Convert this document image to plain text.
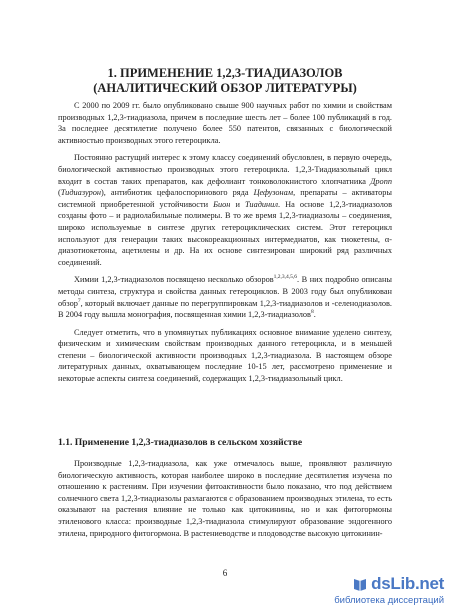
1. ПРИМЕНЕНИЕ 1,2,3-ТИАДИАЗОЛОВ
(АНАЛИТИЧЕСКИЙ ОБЗОР ЛИТЕРАТУРЫ)

С 2000 по 2009 гг. было опубликовано свыше 900 научных работ по химии и свойствам производных 1,2,3-тиадиазола, причем в последние шесть лет – более 100 публикаций в год. За последнее десятилетие получено более 550 патентов, связанных с биологической активностью производных этого гетероцикла.

Постоянно растущий интерес к этому классу соединений обусловлен, в первую очередь, биологической активностью производных этого гетероцикла. 1,2,3-Тиадиазольный цикл входит в состав таких препаратов, как дефолиант тонковолокнистого хлопчатника Дропп (Тидиазурон), антибиотик цефалоспоринового ряда Цефузонам, препараты – активаторы системной приобретенной устойчивости Бион и Тиадинил. На основе 1,2,3-тиадиазолов созданы фото – и радиолабильные полимеры. В то же время 1,2,3-тиадиазолы – соединения, широко используемые в синтезе других гетероциклических систем. Этот гетероцикл используют для генерации таких высокореакционных интермедиатов, как тиокетены, α-диазотиокетоны, ацетилены и др. На их основе синтезирован широкий ряд различных соединений.

Химии 1,2,3-тиадиазолов посвящено несколько обзоров$^{1,2,3,4,5,6}$. В них подробно описаны методы синтеза, структура и свойства данных гетероциклов. В 2003 году был опубликован обзор$^7$, который включает данные по перегруппировкам 1,2,3-тиадиазолов и -селенодиазолов. В 2004 году вышла монография, посвященная химии 1,2,3-тиадиазолов$^8$.

Следует отметить, что в упомянутых публикациях основное внимание уделено синтезу, физическим и химическим свойствам производных данного гетероцикла, и в меньшей степени – биологической активности производных 1,2,3-тиадиазола. В настоящем обзоре литературных данных, охватывающем последние 10-15 лет, рассмотрено применение и некоторые аспекты синтеза соединений, содержащих 1,2,3-тиадиазольный цикл.

1.1. Применение 1,2,3-тиадиазолов в сельском хозяйстве

Производные 1,2,3-тиадиазола, как уже отмечалось выше, проявляют различную биологическую активность, которая наиболее широко в последние десятилетия изучена по отношению к растениям. При изучении фитоактивности было показано, что под действием солнечного света 1,2,3-тиадиазолы разлагаются с образованием производных этилена, то есть оказывают на растения влияние не только как цитокинины, но и как фитогормоны этиленового класса: производные 1,2,3-тиадиазола стимулируют образование эндогенного этилена, природного фитогормона. В растениеводстве и плодоводстве высокую цитокинин-

6
dsLib.net
библиотека диссертаций
